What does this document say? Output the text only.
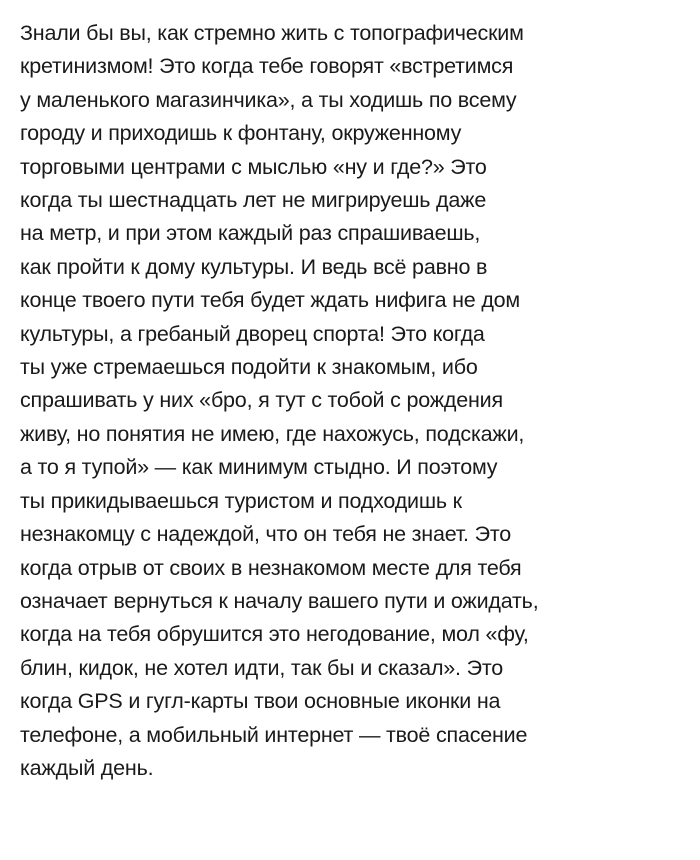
Знали бы вы, как стремно жить с топографическим
кретинизмом! Это когда тебе говорят «встретимся
у маленького магазинчика», а ты ходишь по всему
городу и приходишь к фонтану, окруженному
торговыми центрами с мыслью «ну и где?» Это
когда ты шестнадцать лет не мигрируешь даже
на метр, и при этом каждый раз спрашиваешь,
как пройти к дому культуры. И ведь всё равно в
конце твоего пути тебя будет ждать нифига не дом
культуры, а гребаный дворец спорта! Это когда
ты уже стремаешься подойти к знакомым, ибо
спрашивать у них «бро, я тут с тобой с рождения
живу, но понятия не имею, где нахожусь, подскажи,
а то я тупой» — как минимум стыдно. И поэтому
ты прикидываешься туристом и подходишь к
незнакомцу с надеждой, что он тебя не знает. Это
когда отрыв от своих в незнакомом месте для тебя
означает вернуться к началу вашего пути и ожидать,
когда на тебя обрушится это негодование, мол «фу,
блин, кидок, не хотел идти, так бы и сказал». Это
когда GPS и гугл-карты твои основные иконки на
телефоне, а мобильный интернет — твоё спасение
каждый день.
